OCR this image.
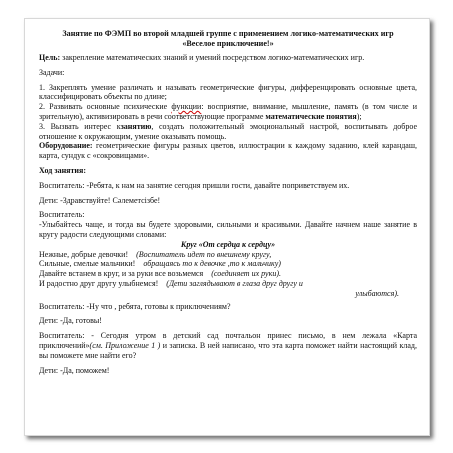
Занятие по ФЭМП во второй младшей группе с применением логико-математических игр «Веселое приключение!»

Цель: закрепление математических знаний и умений посредством логико-математических игр.

Задачи:

1. Закреплять умение различать и называть геометрические фигуры, дифференцировать основные цвета, классифицировать объекты по длине;

2. Развивать основные психические функции: восприятие, внимание, мышление, память (в том числе и зрительную), активизировать в речи соответствующие программе математические понятия);

3. Вызвать интерес кзанятию, создать положительный эмоциональный настрой, воспитывать доброе отношение к окружающим, умение оказывать помощь.

Оборудование: геометрические фигуры разных цветов, иллюстрации к каждому заданию, клей карандаш, карта, сундук с «сокровищами».

Ход занятия:

Воспитатель: -Ребята, к нам на занятие сегодня пришли гости, давайте поприветствуем их.

Дети: -Здравствуйте! Сәлеметсізбе!

Воспитатель:

-Улыбайтесь чаще, и тогда вы будете здоровыми, сильными и красивыми. Давайте начнем наше занятие в кругу радости следующими словами:

Круг «От сердца к сердцу»

Нежные, добрые девочки!	(Воспитатель идет по внешнему кругу,
Сильные, смелые мальчики!	обращаясь то к девочке ,то к мальчику)
Давайте встанем в круг, и за руки все возьмемся	(соединяет их руки).
И радостно друг другу улыбнемся!	(Дети заглядывают в глаза друг другу и

улыбаются).

Воспитатель: -Ну что , ребята, готовы к приключениям?

Дети: -Да, готовы!

Воспитатель: - Сегодня утром в детский сад почтальон принес письмо, в нем лежала «Карта приключений»(см. Приложение 1 ) и записка. В ней написано, что эта карта поможет найти настоящий клад, вы поможете мне найти его?

Дети: -Да, поможем!
